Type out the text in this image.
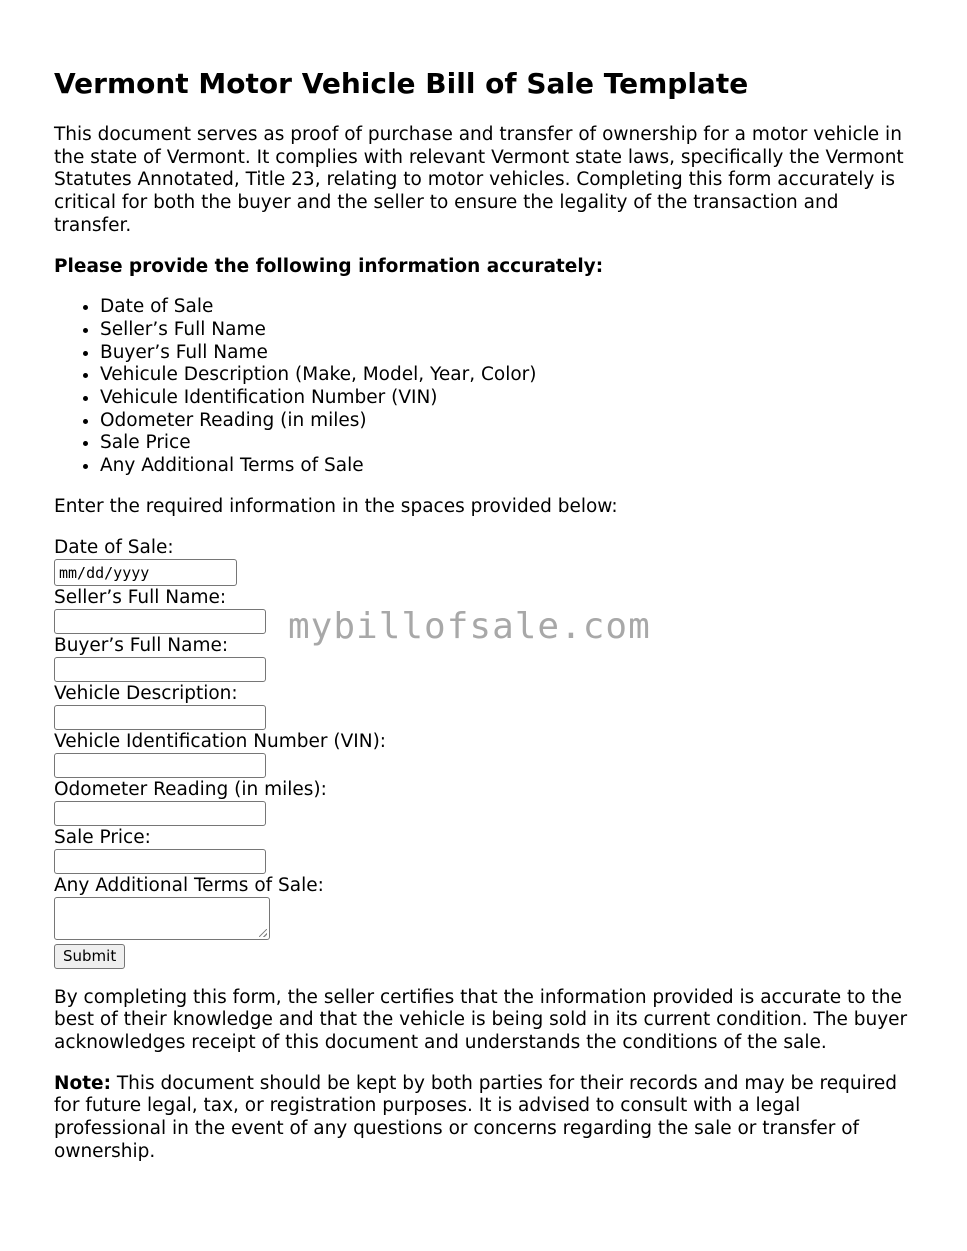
Vermont Motor Vehicle Bill of Sale Template

This document serves as proof of purchase and transfer of ownership for a motor vehicle in the state of Vermont. It complies with relevant Vermont state laws, specifically the Vermont Statutes Annotated, Title 23, relating to motor vehicles. Completing this form accurately is critical for both the buyer and the seller to ensure the legality of the transaction and transfer.

Please provide the following information accurately:

• Date of Sale
• Seller’s Full Name
• Buyer’s Full Name
• Vehicule Description (Make, Model, Year, Color)
• Vehicule Identification Number (VIN)
• Odometer Reading (in miles)
• Sale Price
• Any Additional Terms of Sale

Enter the required information in the spaces provided below:

Date of Sale:
mm/dd/yyyy
Seller’s Full Name:
Buyer’s Full Name:
Vehicle Description:
Vehicle Identification Number (VIN):
Odometer Reading (in miles):
Sale Price:
Any Additional Terms of Sale:
Submit

By completing this form, the seller certifies that the information provided is accurate to the best of their knowledge and that the vehicle is being sold in its current condition. The buyer acknowledges receipt of this document and understands the conditions of the sale.

Note: This document should be kept by both parties for their records and may be required for future legal, tax, or registration purposes. It is advised to consult with a legal professional in the event of any questions or concerns regarding the sale or transfer of ownership.

mybillofsale.com
